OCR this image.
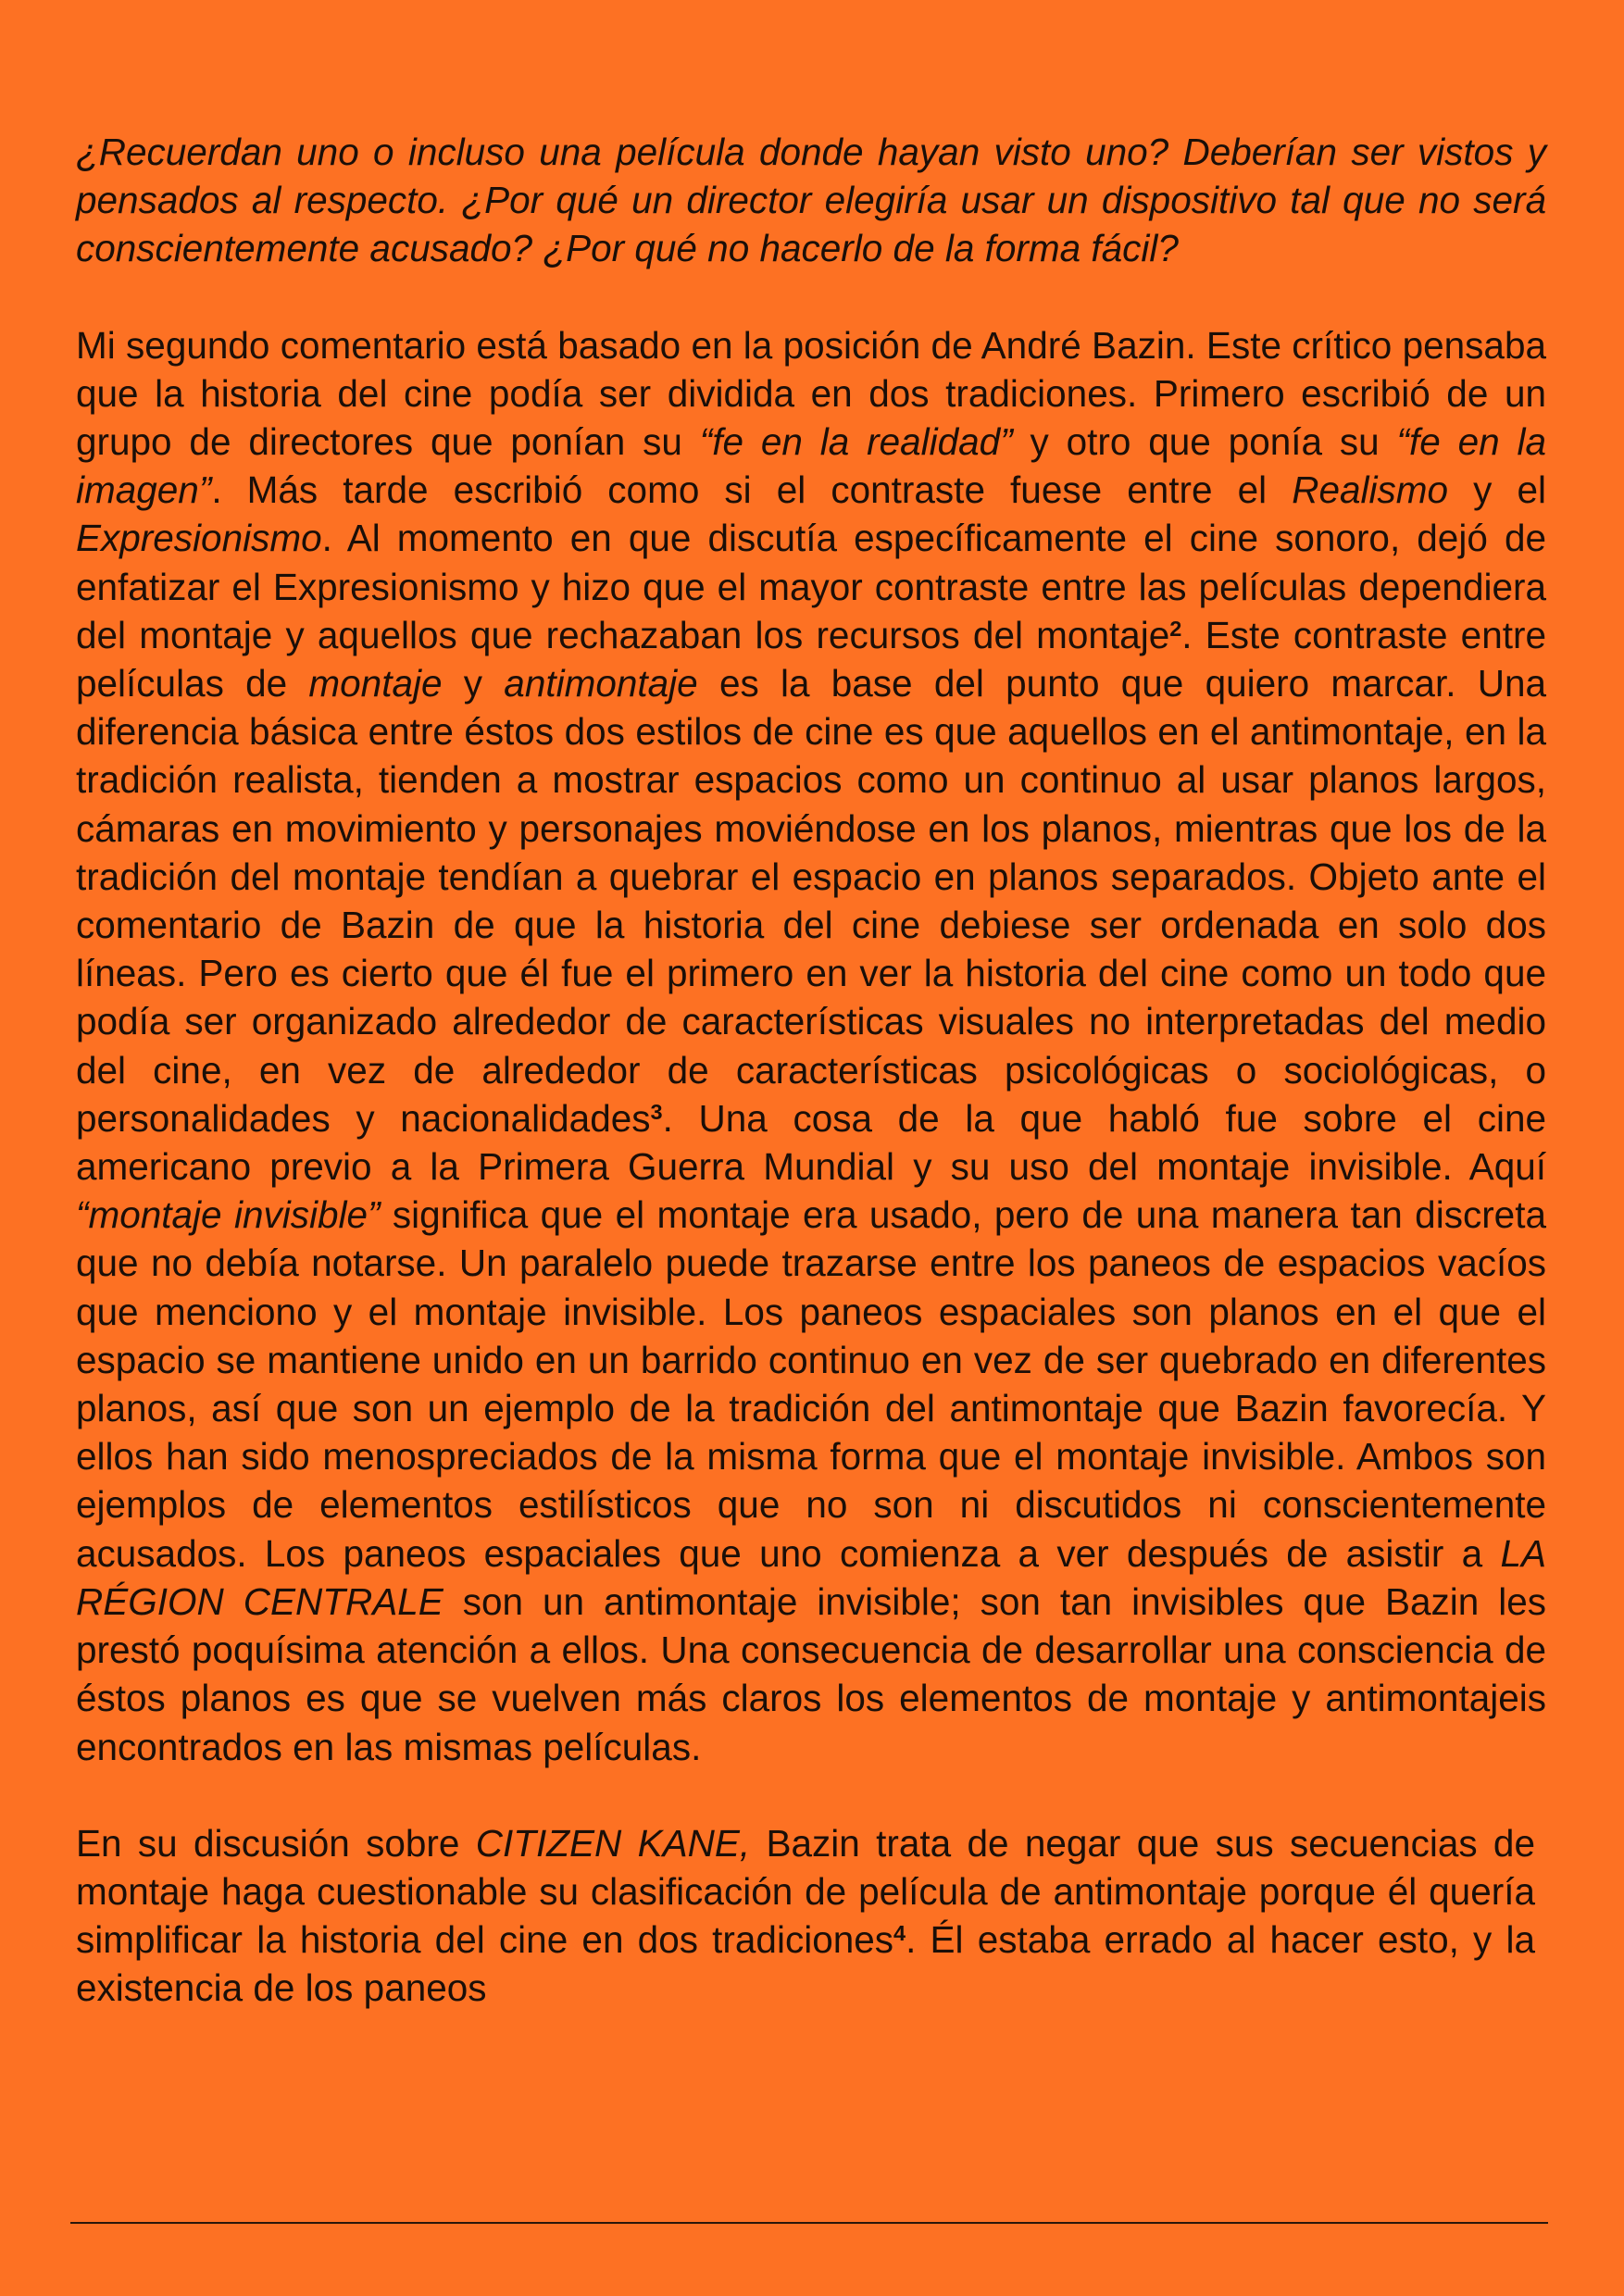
¿Recuerdan uno o incluso una película donde hayan visto uno? Deberían ser vistos y pensados al respecto. ¿Por qué un director elegiría usar un dispositivo tal que no será conscientemente acusado? ¿Por qué no hacerlo de la forma fácil?

Mi segundo comentario está basado en la posición de André Bazin. Este crítico pensaba que la historia del cine podía ser dividida en dos tradiciones. Primero escribió de un grupo de directores que ponían su “fe en la realidad” y otro que ponía su “fe en la imagen”. Más tarde escribió como si el contraste fuese entre el Realismo y el Expresionismo. Al momento en que discutía específicamente el cine sonoro, dejó de enfatizar el Expresionismo y hizo que el mayor contraste entre las películas dependiera del montaje y aquellos que rechazaban los recursos del montaje$^2$. Este contraste entre películas de montaje y antimontaje es la base del punto que quiero marcar. Una diferencia básica entre éstos dos estilos de cine es que aquellos en el antimontaje, en la tradición realista, tienden a mostrar espacios como un continuo al usar planos largos, cámaras en movimiento y personajes moviéndose en los planos, mientras que los de la tradición del montaje tendían a quebrar el espacio en planos separados. Objeto ante el comentario de Bazin de que la historia del cine debiese ser ordenada en solo dos líneas. Pero es cierto que él fue el primero en ver la historia del cine como un todo que podía ser organizado alrededor de características visuales no interpretadas del medio del cine, en vez de alrededor de características psicológicas o sociológicas, o personalidades y nacionalidades$^3$. Una cosa de la que habló fue sobre el cine americano previo a la Primera Guerra Mundial y su uso del montaje invisible. Aquí “montaje invisible” significa que el montaje era usado, pero de una manera tan discreta que no debía notarse. Un paralelo puede trazarse entre los paneos de espacios vacíos que menciono y el montaje invisible. Los paneos espaciales son planos en el que el espacio se mantiene unido en un barrido continuo en vez de ser quebrado en diferentes planos, así que son un ejemplo de la tradición del antimontaje que Bazin favorecía. Y ellos han sido menospreciados de la misma forma que el montaje invisible. Ambos son ejemplos de elementos estilísticos que no son ni discutidos ni conscientemente acusados. Los paneos espaciales que uno comienza a ver después de asistir a LA RÉGION CENTRALE son un antimontaje invisible; son tan invisibles que Bazin les prestó poquísima atención a ellos. Una consecuencia de desarrollar una consciencia de éstos planos es que se vuelven más claros los elementos de montaje y antimontajeis encontrados en las mismas películas.

En su discusión sobre CITIZEN KANE, Bazin trata de negar que sus secuencias de montaje haga cuestionable su clasificación de película de antimontaje porque él quería simplificar la historia del cine en dos tradiciones$^4$. Él estaba errado al hacer esto, y la existencia de los paneos
